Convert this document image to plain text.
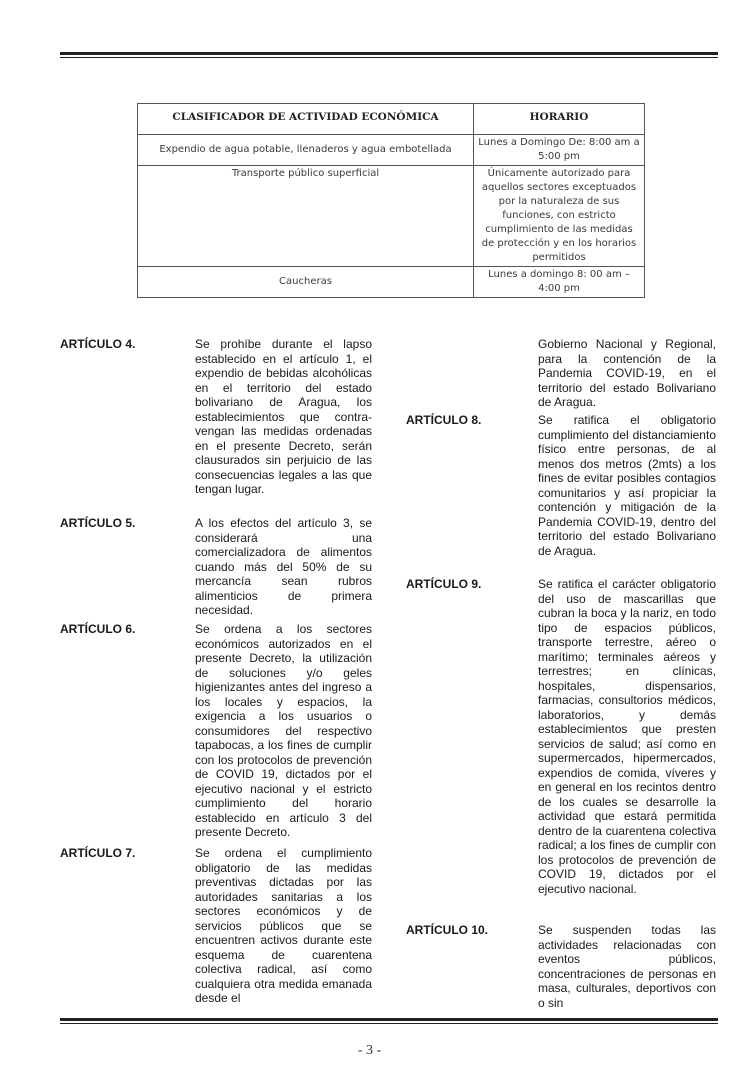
CLASIFICADOR DE ACTIVIDAD ECONÓMICA	HORARIO
Expendio de agua potable, llenaderos y agua embotellada	Lunes a Domingo De: 8:00 am a 5:00 pm
Transporte público superficial	Únicamente autorizado para aquellos sectores exceptuados por la naturaleza de sus funciones, con estricto cumplimiento de las medidas de protección y en los horarios permitidos
Caucheras	Lunes a domingo 8: 00 am – 4:00 pm
ARTÍCULO 4.	Se prohíbe durante el lapso establecido en el artículo 1, el expendio de bebidas alcohólicas en el territorio del estado bolivariano de Aragua, los establecimientos que contra-vengan las medidas ordenadas en el presente Decreto, serán clausurados sin perjuicio de las consecuencias legales a las que tengan lugar.
ARTÍCULO 5.	A los efectos del artículo 3, se considerará una comercializadora de alimentos cuando más del 50% de su mercancía sean rubros alimenticios de primera necesidad.
ARTÍCULO 6.	Se ordena a los sectores económicos autorizados en el presente Decreto, la utilización de soluciones y/o geles higienizantes antes del ingreso a los locales y espacios, la exigencia a los usuarios o consumidores del respectivo tapabocas, a los fines de cumplir con los protocolos de prevención de COVID 19, dictados por el ejecutivo nacional y el estricto cumplimiento del horario establecido en artículo 3 del presente Decreto.
ARTÍCULO 7.	Se ordena el cumplimiento obligatorio de las medidas preventivas dictadas por las autoridades sanitarias a los sectores económicos y de servicios públicos que se encuentren activos durante este esquema de cuarentena colectiva radical, así como cualquiera otra medida emanada desde el
Gobierno Nacional y Regional, para la contención de la Pandemia COVID-19, en el territorio del estado Bolivariano de Aragua.
ARTÍCULO 8.	Se ratifica el obligatorio cumplimiento del distanciamiento físico entre personas, de al menos dos metros (2mts) a los fines de evitar posibles contagios comunitarios y así propiciar la contención y mitigación de la Pandemia COVID-19, dentro del territorio del estado Bolivariano de Aragua.
ARTÍCULO 9.	Se ratifica el carácter obligatorio del uso de mascarillas que cubran la boca y la nariz, en todo tipo de espacios públicos, transporte terrestre, aéreo o marítimo; terminales aéreos y terrestres; en clínicas, hospitales, dispensarios, farmacias, consultorios médicos, laboratorios, y demás establecimientos que presten servicios de salud; así como en supermercados, hipermercados, expendios de comida, víveres y en general en los recintos dentro de los cuales se desarrolle la actividad que estará permitida dentro de la cuarentena colectiva radical; a los fines de cumplir con los protocolos de prevención de COVID 19, dictados por el ejecutivo nacional.
ARTÍCULO 10.	Se suspenden todas las actividades relacionadas con eventos públicos, concentraciones de personas en masa, culturales, deportivos con o sin
- 3 -
